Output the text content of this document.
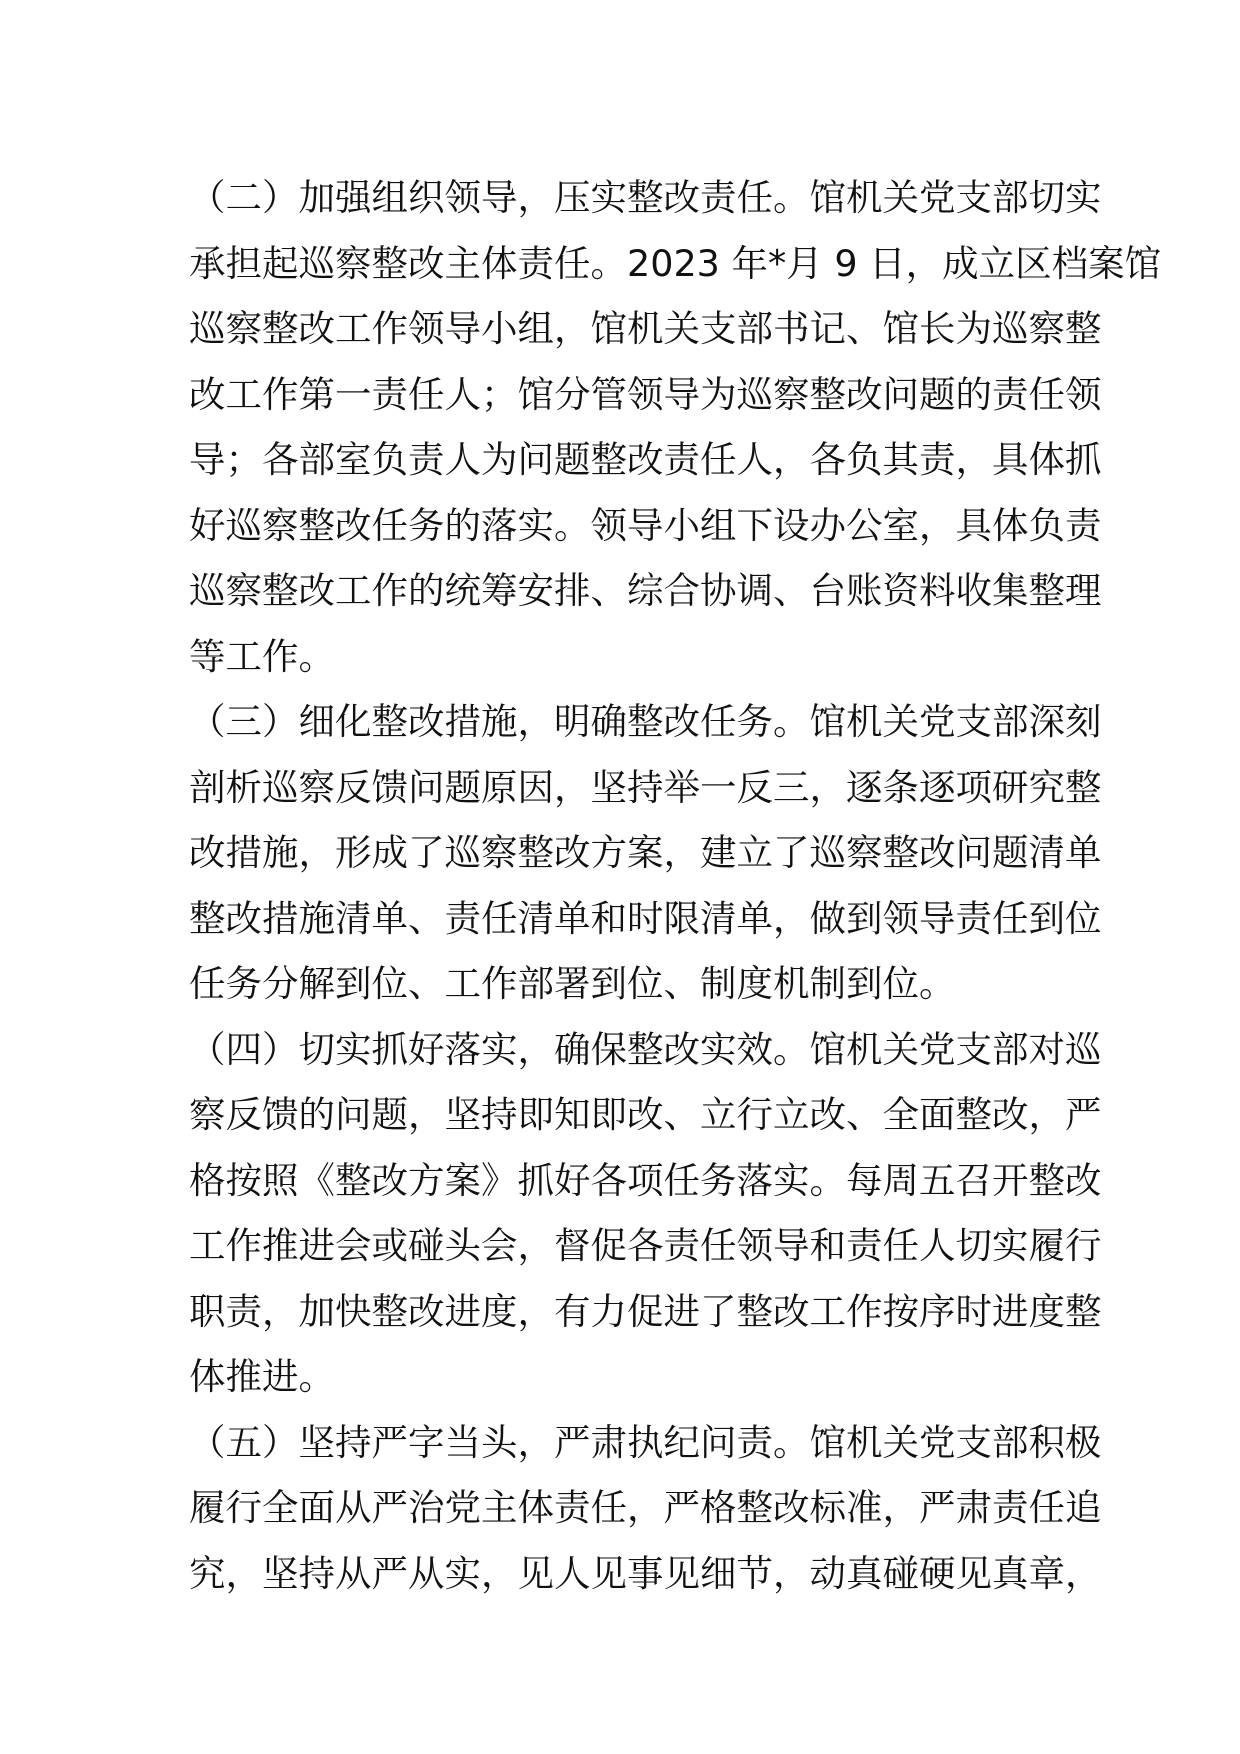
（二）加强组织领导，压实整改责任。馆机关党支部切实
承担起巡察整改主体责任。2023 年*月 9 日，成立区档案馆
巡察整改工作领导小组，馆机关支部书记、馆长为巡察整
改工作第一责任人；馆分管领导为巡察整改问题的责任领
导；各部室负责人为问题整改责任人，各负其责，具体抓
好巡察整改任务的落实。领导小组下设办公室，具体负责
巡察整改工作的统筹安排、综合协调、台账资料收集整理
等工作。
（三）细化整改措施，明确整改任务。馆机关党支部深刻
剖析巡察反馈问题原因，坚持举一反三，逐条逐项研究整
改措施，形成了巡察整改方案，建立了巡察整改问题清单
整改措施清单、责任清单和时限清单，做到领导责任到位
任务分解到位、工作部署到位、制度机制到位。
（四）切实抓好落实，确保整改实效。馆机关党支部对巡
察反馈的问题，坚持即知即改、立行立改、全面整改，严
格按照《整改方案》抓好各项任务落实。每周五召开整改
工作推进会或碰头会，督促各责任领导和责任人切实履行
职责，加快整改进度，有力促进了整改工作按序时进度整
体推进。
（五）坚持严字当头，严肃执纪问责。馆机关党支部积极
履行全面从严治党主体责任，严格整改标准，严肃责任追
究，坚持从严从实，见人见事见细节，动真碰硬见真章，
